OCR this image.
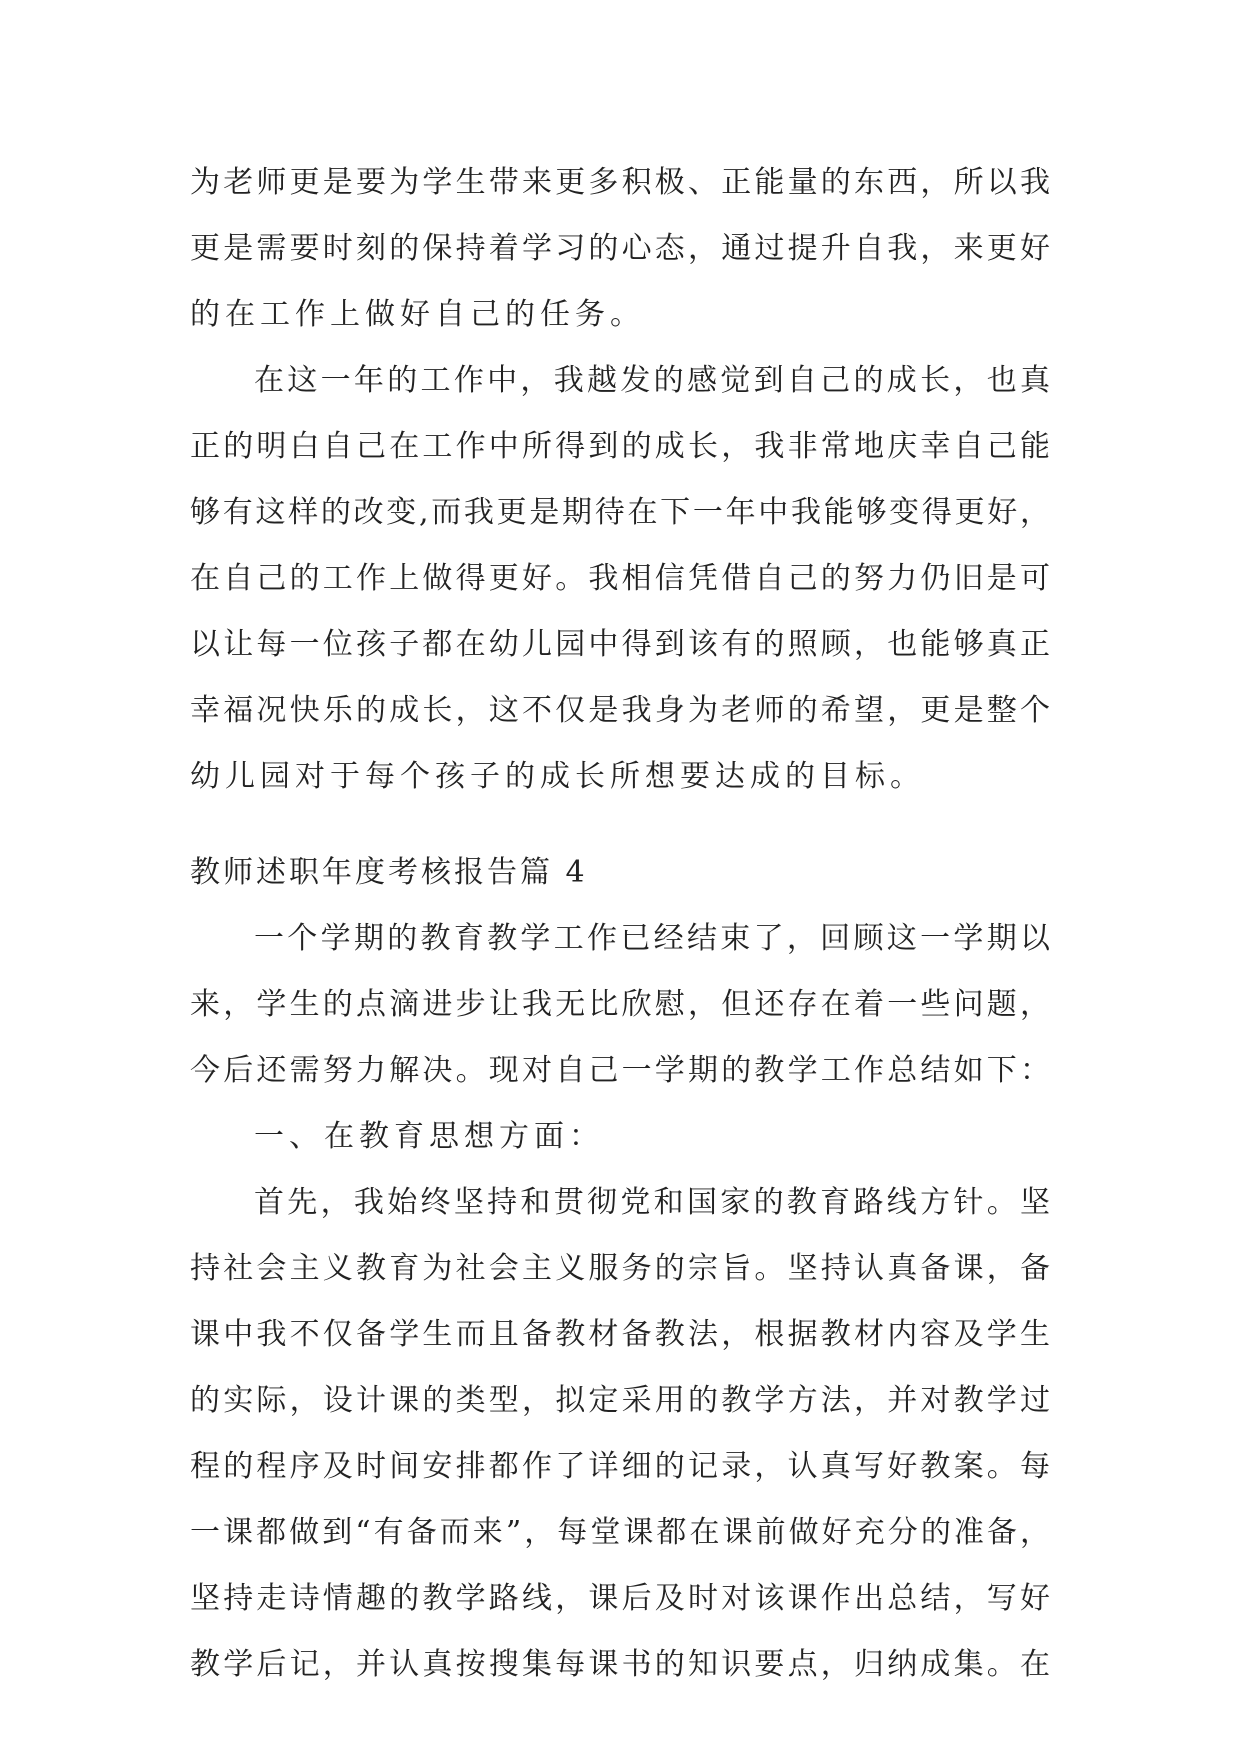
为老师更是要为学生带来更多积极、正能量的东西，所以我
更是需要时刻的保持着学习的心态，通过提升自我，来更好
的在工作上做好自己的任务。
在这一年的工作中，我越发的感觉到自己的成长，也真
正的明白自己在工作中所得到的成长，我非常地庆幸自己能
够有这样的改变,而我更是期待在下一年中我能够变得更好，
在自己的工作上做得更好。我相信凭借自己的努力仍旧是可
以让每一位孩子都在幼儿园中得到该有的照顾，也能够真正
幸福况快乐的成长，这不仅是我身为老师的希望，更是整个
幼儿园对于每个孩子的成长所想要达成的目标。
教师述职年度考核报告篇 4
一个学期的教育教学工作已经结束了，回顾这一学期以
来，学生的点滴进步让我无比欣慰，但还存在着一些问题，
今后还需努力解决。现对自己一学期的教学工作总结如下：
一、在教育思想方面：
首先，我始终坚持和贯彻党和国家的教育路线方针。坚
持社会主义教育为社会主义服务的宗旨。坚持认真备课，备
课中我不仅备学生而且备教材备教法，根据教材内容及学生
的实际，设计课的类型，拟定采用的教学方法，并对教学过
程的程序及时间安排都作了详细的记录，认真写好教案。每
一课都做到“有备而来”，每堂课都在课前做好充分的准备，
坚持走诗情趣的教学路线，课后及时对该课作出总结，写好
教学后记，并认真按搜集每课书的知识要点，归纳成集。在
